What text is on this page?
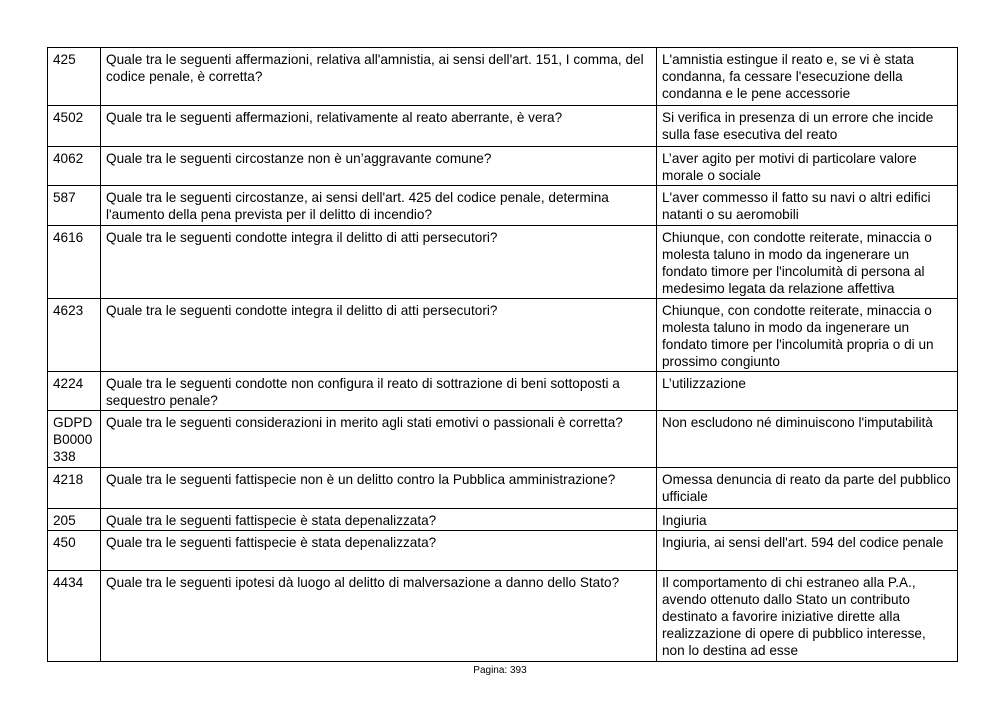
425	Quale tra le seguenti affermazioni, relativa all'amnistia, ai sensi dell'art. 151, I comma, del codice penale, è corretta?	L'amnistia estingue il reato e, se vi è stata condanna, fa cessare l'esecuzione della condanna e le pene accessorie
4502	Quale tra le seguenti affermazioni, relativamente al reato aberrante, è vera?	Si verifica in presenza di un errore che incide sulla fase esecutiva del reato
4062	Quale tra le seguenti circostanze non è un’aggravante comune?	L’aver agito per motivi di particolare valore morale o sociale
587	Quale tra le seguenti circostanze, ai sensi dell'art. 425 del codice penale, determina l'aumento della pena prevista per il delitto di incendio?	L'aver commesso il fatto su navi o altri edifici natanti o su aeromobili
4616	Quale tra le seguenti condotte integra il delitto di atti persecutori?	Chiunque, con condotte reiterate, minaccia o molesta taluno in modo da ingenerare un fondato timore per l'incolumità di persona al medesimo legata da relazione affettiva
4623	Quale tra le seguenti condotte integra il delitto di atti persecutori?	Chiunque, con condotte reiterate, minaccia o molesta taluno in modo da ingenerare un fondato timore per l'incolumità propria o di un prossimo congiunto
4224	Quale tra le seguenti condotte non configura il reato di sottrazione di beni sottoposti a sequestro penale?	L’utilizzazione
GDPD B0000 338	Quale tra le seguenti considerazioni in merito agli stati emotivi o passionali è corretta?	Non escludono né diminuiscono l'imputabilità
4218	Quale tra le seguenti fattispecie non è un delitto contro la Pubblica amministrazione?	Omessa denuncia di reato da parte del pubblico ufficiale
205	Quale tra le seguenti fattispecie è stata depenalizzata?	Ingiuria
450	Quale tra le seguenti fattispecie è stata depenalizzata?	Ingiuria, ai sensi dell'art. 594 del codice penale
4434	Quale tra le seguenti ipotesi dà luogo al delitto di malversazione a danno dello Stato?	Il comportamento di chi estraneo alla P.A., avendo ottenuto dallo Stato un contributo destinato a favorire iniziative dirette alla realizzazione di opere di pubblico interesse, non lo destina ad esse
Pagina: 393
